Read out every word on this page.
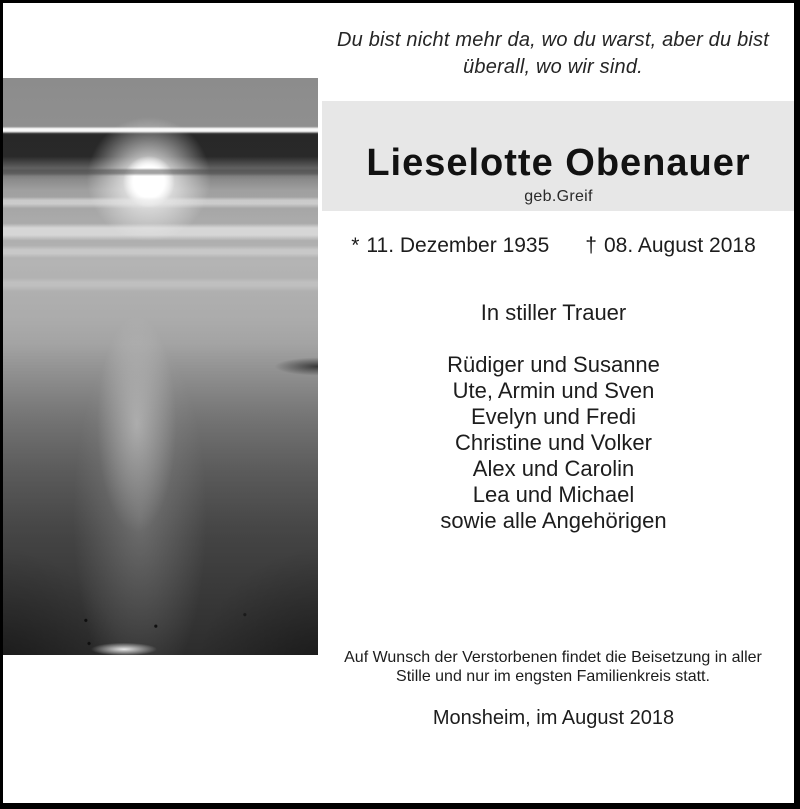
Du bist nicht mehr da, wo du warst, aber du bist
überall, wo wir sind.
Lieselotte Obenauer
geb.Greif
* 11. Dezember 1935 † 08. August 2018
In stiller Trauer
Rüdiger und Susanne
Ute, Armin und Sven
Evelyn und Fredi
Christine und Volker
Alex und Carolin
Lea und Michael
sowie alle Angehörigen
Auf Wunsch der Verstorbenen findet die Beisetzung in aller
Stille und nur im engsten Familienkreis statt.
Monsheim, im August 2018
